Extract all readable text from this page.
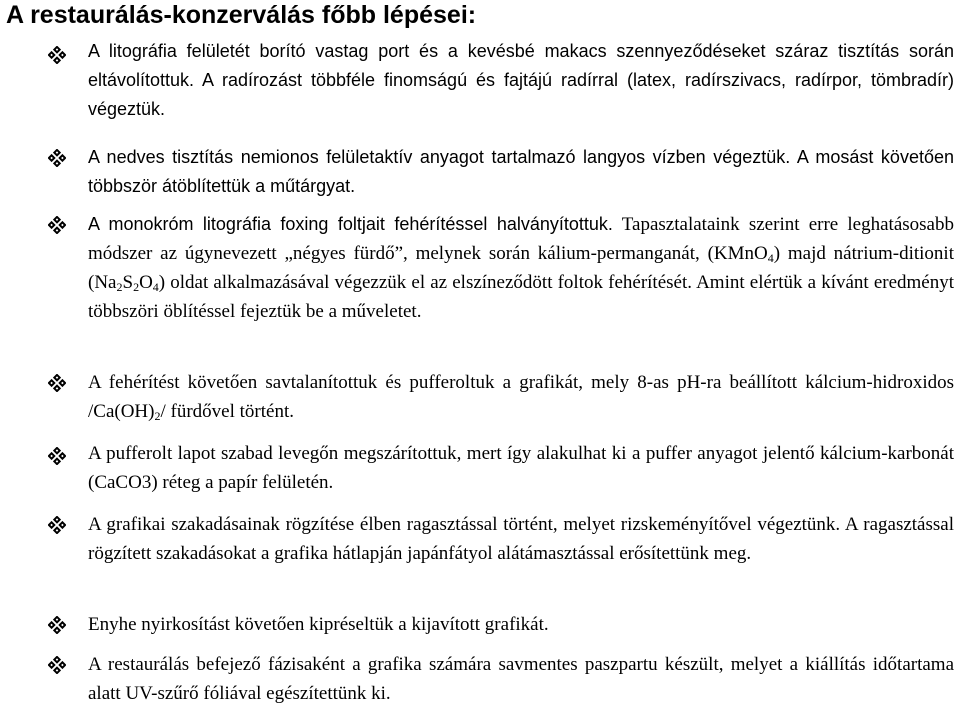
A restaurálás-konzerválás főbb lépései:
A litográfia felületét borító vastag port és a kevésbé makacs szennyeződéseket száraz tisztítás során eltávolítottuk. A radírozást többféle finomságú és fajtájú radírral (latex, radírszivacs, radírpor, tömbradír) végeztük.
A nedves tisztítás nemionos felületaktív anyagot tartalmazó langyos vízben végeztük. A mosást követően többször átöblítettük a műtárgyat.
A monokróm litográfia foxing foltjait fehérítéssel halványítottuk. Tapasztalataink szerint erre leghatásosabb módszer az úgynevezett „négyes fürdő”, melynek során kálium-permanganát, (KMnO$_4$) majd nátrium-ditionit $(Na_2S_2O_4)$ oldat alkalmazásával végezzük el az elszíneződött foltok fehérítését. Amint elértük a kívánt eredményt többszöri öblítéssel fejeztük be a műveletet.
A fehérítést követően savtalanítottuk és pufferoltuk a grafikát, mely 8-as pH-ra beállított kálcium-hidroxidos $/Ca(OH)_2/$ fürdővel történt.
A pufferolt lapot szabad levegőn megszárítottuk, mert így alakulhat ki a puffer anyagot jelentő kálcium-karbonát (CaCO3) réteg a papír felületén.
A grafikai szakadásainak rögzítése élben ragasztással történt, melyet rizskeményítővel végeztünk. A ragasztással rögzített szakadásokat a grafika hátlapján japánfátyol alátámasztással erősítettünk meg.
Enyhe nyirkosítást követően kipréseltük a kijavított grafikát.
A restaurálás befejező fázisaként a grafika számára savmentes paszpartu készült, melyet a kiállítás időtartama alatt UV-szűrő fóliával egészítettünk ki.
